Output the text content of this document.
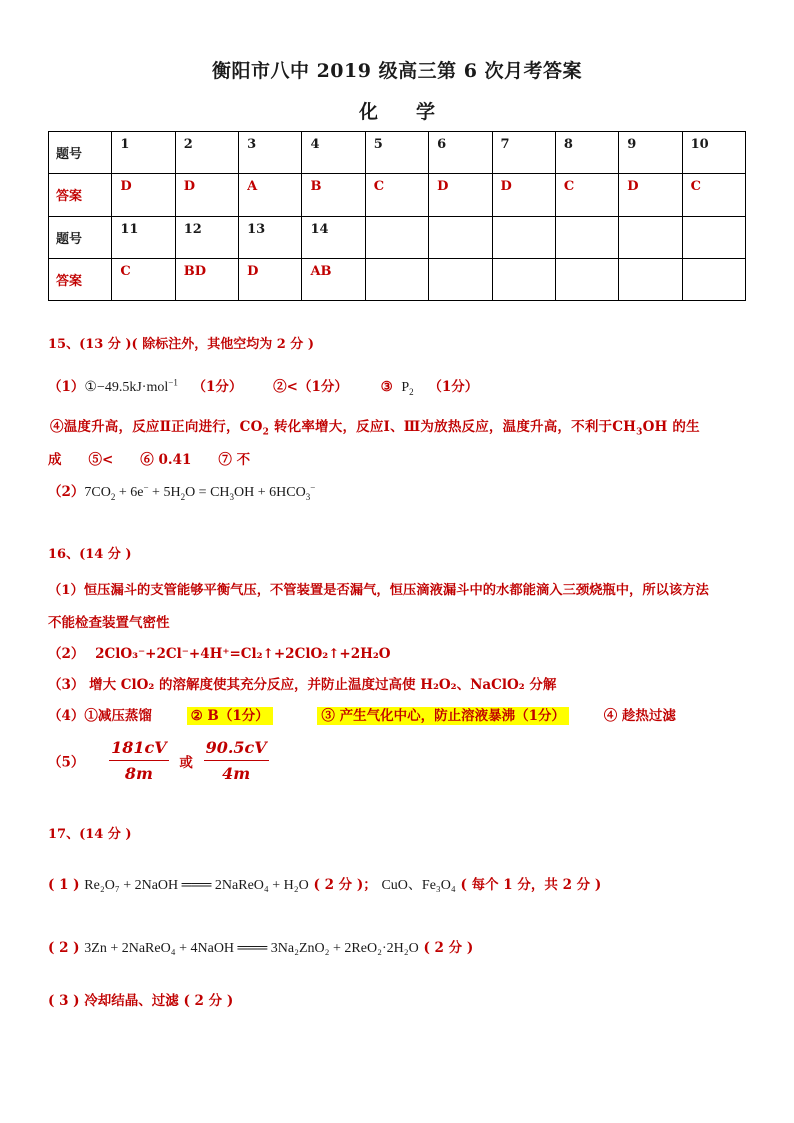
衡阳市八中 2019 级高三第 6 次月考答案
化　　学
题号	1	2	3	4	5	6	7	8	9	10
答案	D	D	A	B	C	D	D	C	D	C
题号	11	12	13	14						
答案	C	BD	D	AB						
15、(13 分 )( 除标注外，其他空均为 2 分 )
（1）①−49.5kJ·mol$^{-1}$ （1分） ②<（1分） ③ $P_2$ （1分）
④温度升高，反应Ⅱ正向进行，$CO_2$ 转化率增大，反应Ⅰ、Ⅲ为放热反应，温度升高，不利于$CH_3OH$ 的生
成　　⑤<　　⑥ 0.41　　⑦ 不
$(2)7CO_2 + 6e^- + 5H_2O = CH_3OH + 6HCO_3^-$
16、(14 分 )
（1）恒压漏斗的支管能够平衡气压，不管装置是否漏气，恒压滴液漏斗中的水都能滴入三颈烧瓶中，所以该方法
不能检查装置气密性
（2） 2ClO₃⁻+2Cl⁻+4H⁺=Cl₂↑+2ClO₂↑+2H₂O
（3） 增大 ClO₂ 的溶解度使其充分反应，并防止温度过高使 H₂O₂、NaClO₂ 分解
（4）①减压蒸馏	② B（1分）	③ 产生气化中心，防止溶液暴沸（1分）	④ 趁热过滤
$(5) \frac{181cV}{8m}$ 或 $\frac{90.5cV}{4m}$
17、(14 分 )
( 1 ) Re₂O₇ + 2NaOH ═══ 2NaReO₄ + H₂O ( 2 分 )； CuO、Fe₃O₄ ( 每个 1 分，共 2 分 )
( 2 ) 3Zn + 2NaReO₄ + 4NaOH ═══ 3Na₂ZnO₂ + 2ReO₂·2H₂O ( 2 分 )
( 3 ) 冷却结晶、过滤 ( 2 分 )
